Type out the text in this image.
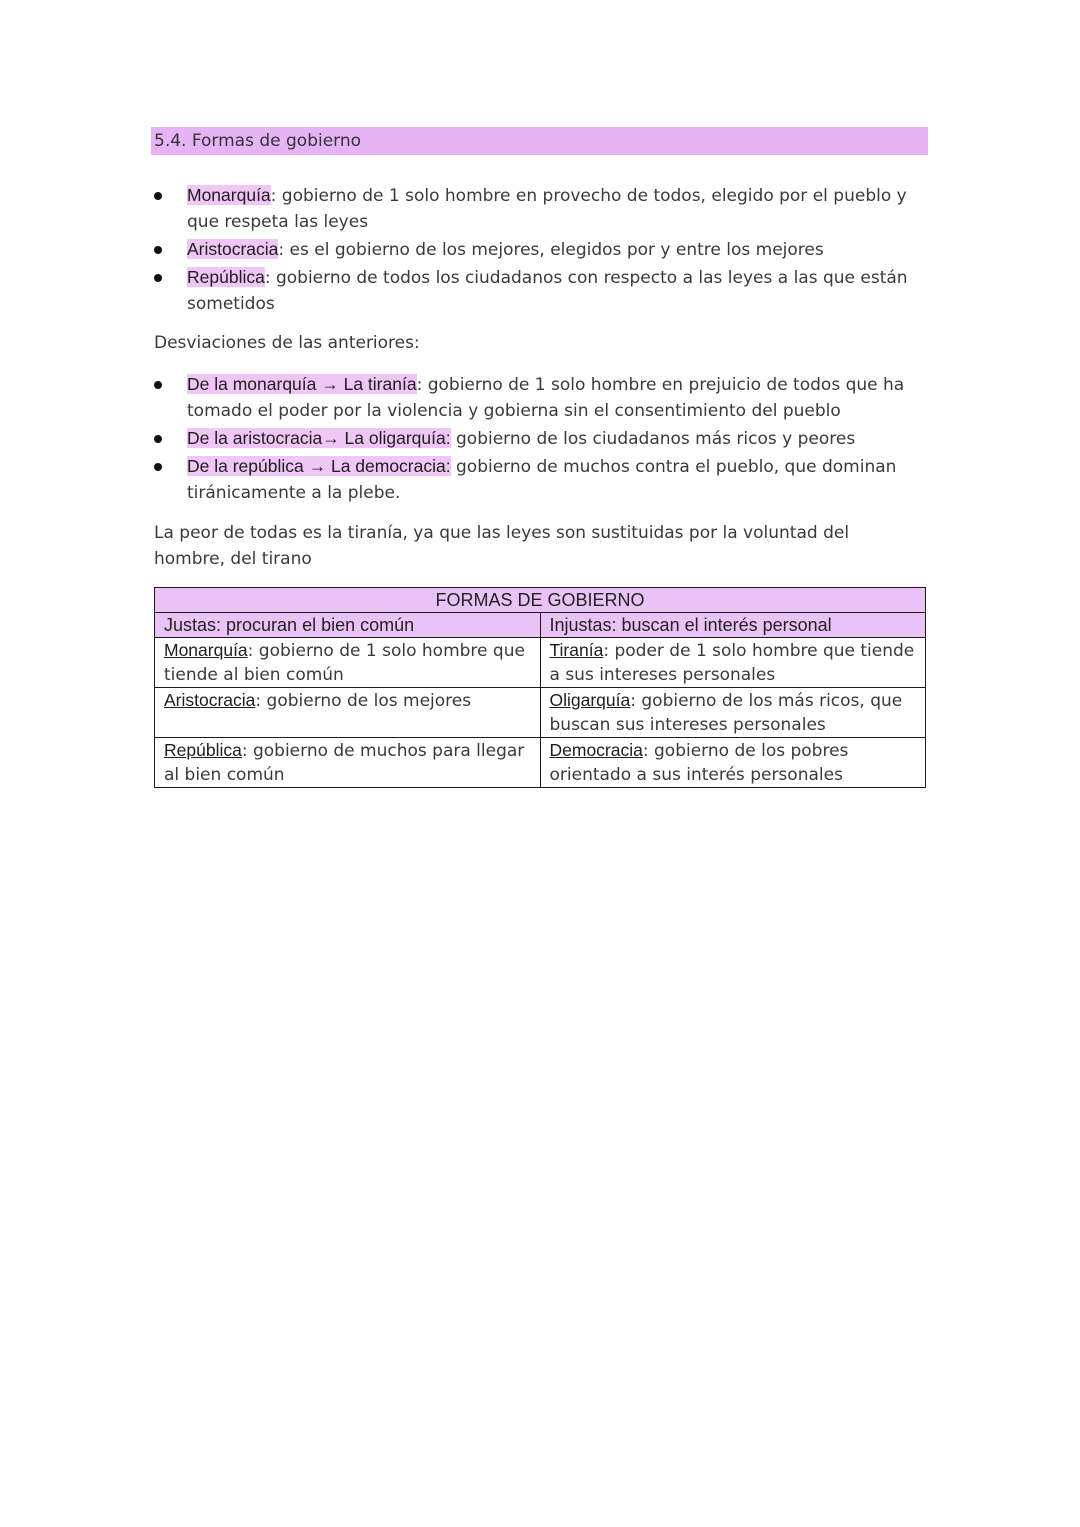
5.4. Formas de gobierno
Monarquía: gobierno de 1 solo hombre en provecho de todos, elegido por el pueblo y que respeta las leyes
Aristocracia: es el gobierno de los mejores, elegidos por y entre los mejores
República: gobierno de todos los ciudadanos con respecto a las leyes a las que están sometidos

Desviaciones de las anteriores:

De la monarquía → La tiranía: gobierno de 1 solo hombre en prejuicio de todos que ha tomado el poder por la violencia y gobierna sin el consentimiento del pueblo
De la aristocracia→ La oligarquía: gobierno de los ciudadanos más ricos y peores
De la república → La democracia: gobierno de muchos contra el pueblo, que dominan tiránicamente a la plebe.

La peor de todas es la tiranía, ya que las leyes son sustituidas por la voluntad del hombre, del tirano

FORMAS DE GOBIERNO	
Justas: procuran el bien común	Injustas: buscan el interés personal
Monarquía: gobierno de 1 solo hombre que tiende al bien común	Tiranía: poder de 1 solo hombre que tiende a sus intereses personales
Aristocracia: gobierno de los mejores	Oligarquía: gobierno de los más ricos, que buscan sus intereses personales
República: gobierno de muchos para llegar al bien común	Democracia: gobierno de los pobres orientado a sus interés personales
